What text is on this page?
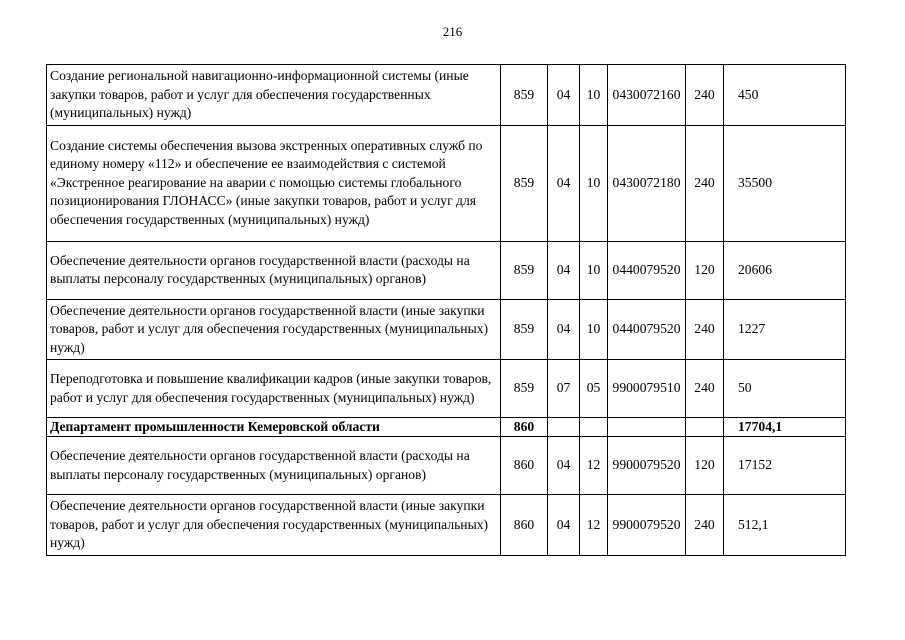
216
Создание региональной навигационно-информационной системы (иные закупки товаров, работ и услуг для обеспечения государственных (муниципальных) нужд)	859	04	10	0430072160	240	450
Создание системы обеспечения вызова экстренных оперативных служб по единому номеру «112» и обеспечение ее взаимодействия с системой «Экстренное реагирование на аварии с помощью системы глобального позиционирования ГЛОНАСС» (иные закупки товаров, работ и услуг для обеспечения государственных (муниципальных) нужд)	859	04	10	0430072180	240	35500
Обеспечение деятельности органов государственной власти (расходы на выплаты персоналу государственных (муниципальных) органов)	859	04	10	0440079520	120	20606
Обеспечение деятельности органов государственной власти (иные закупки товаров, работ и услуг для обеспечения государственных (муниципальных) нужд)	859	04	10	0440079520	240	1227
Переподготовка и повышение квалификации кадров (иные закупки товаров, работ и услуг для обеспечения государственных (муниципальных) нужд)	859	07	05	9900079510	240	50
Департамент промышленности Кемеровской области	860					17704,1
Обеспечение деятельности органов государственной власти (расходы на выплаты персоналу государственных (муниципальных) органов)	860	04	12	9900079520	120	17152
Обеспечение деятельности органов государственной власти (иные закупки товаров, работ и услуг для обеспечения государственных (муниципальных) нужд)	860	04	12	9900079520	240	512,1
